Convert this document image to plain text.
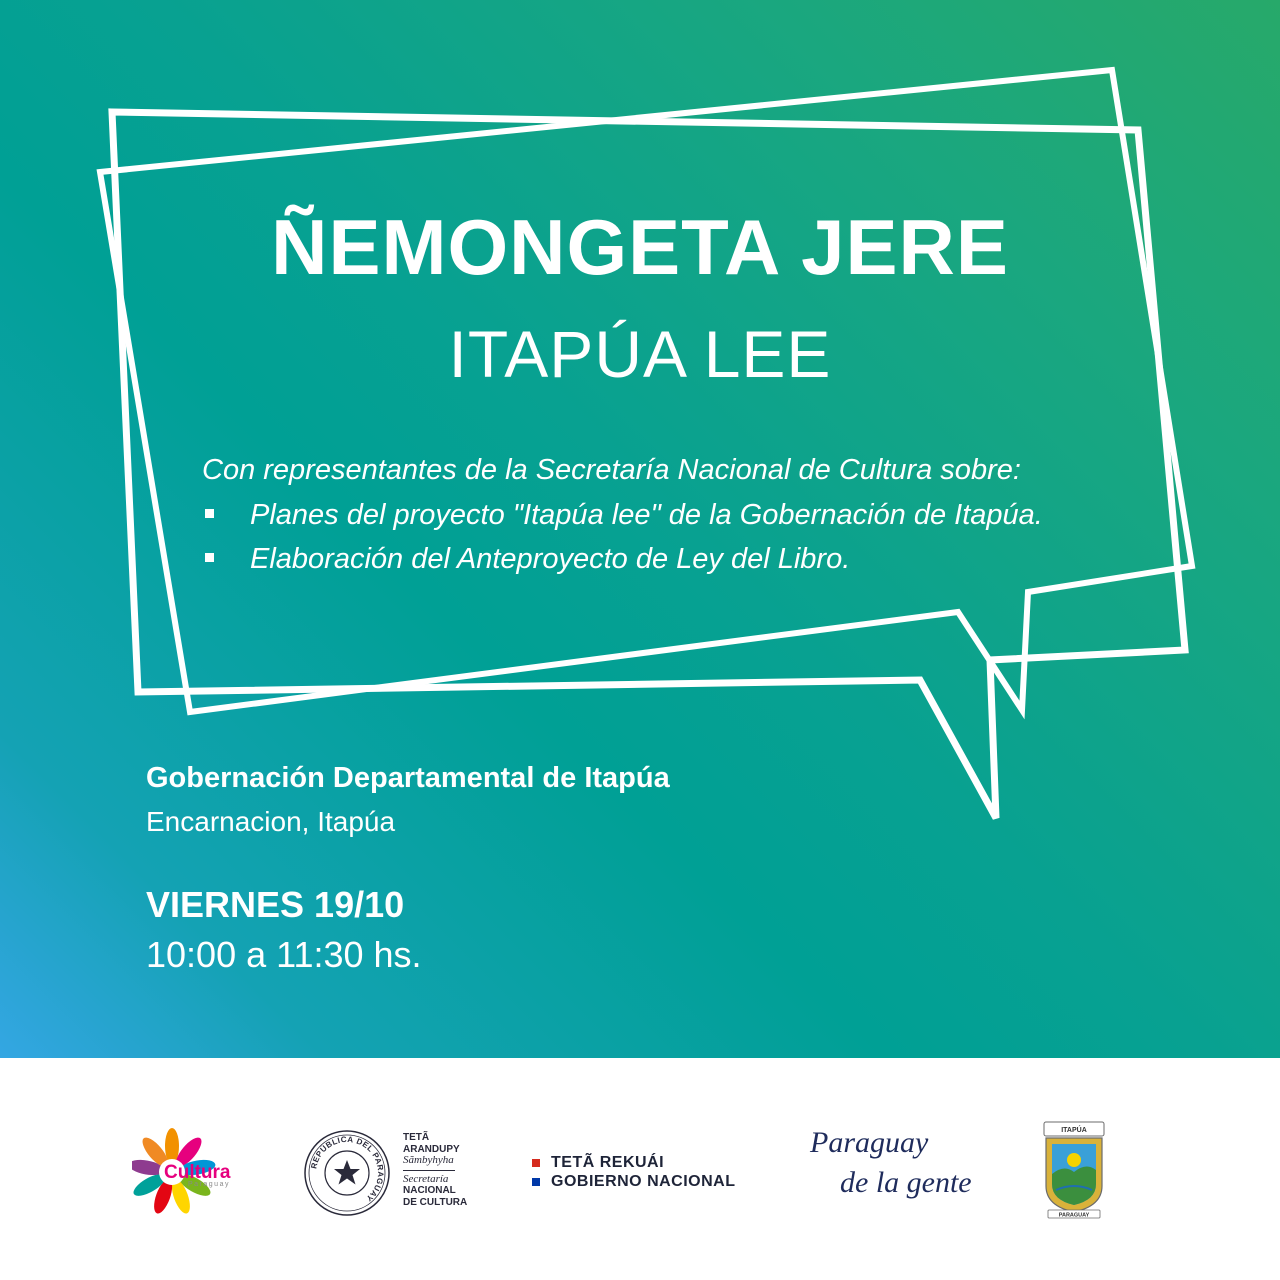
ÑEMONGETA JERE
ITAPÚA LEE

Con representantes de la Secretaría Nacional de Cultura sobre:

Planes del proyecto "Itapúa lee" de la Gobernación de Itapúa.
Elaboración del Anteproyecto de Ley del Libro.

Gobernación Departamental de Itapúa

Encarnacion, Itapúa

VIERNES 19/10

10:00 a 11:30 hs.

Cultura
Paraguay
REPÚBLICA DEL PARAGUAY
TETÃ
ARANDUPY
Sãmbyhyha
Secretaría
NACIONAL
DE CULTURA
TETÃ REKUÁI
GOBIERNO NACIONAL
Paraguay
de la gente
ITAPÚA
PARAGUAY
